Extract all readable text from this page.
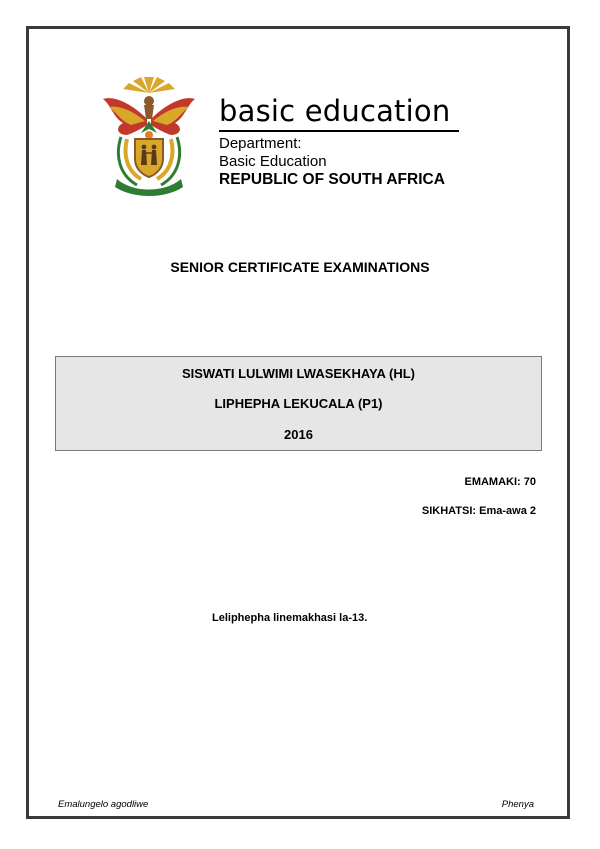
basic education
Department:
Basic Education
REPUBLIC OF SOUTH AFRICA
SENIOR CERTIFICATE EXAMINATIONS
SISWATI LULWIMI LWASEKHAYA (HL)
LIPHEPHA LEKUCALA (P1)
2016
EMAMAKI: 70
SIKHATSI: Ema-awa 2
Leliphepha linemakhasi la-13.
Emalungelo agodliwe	Phenya
